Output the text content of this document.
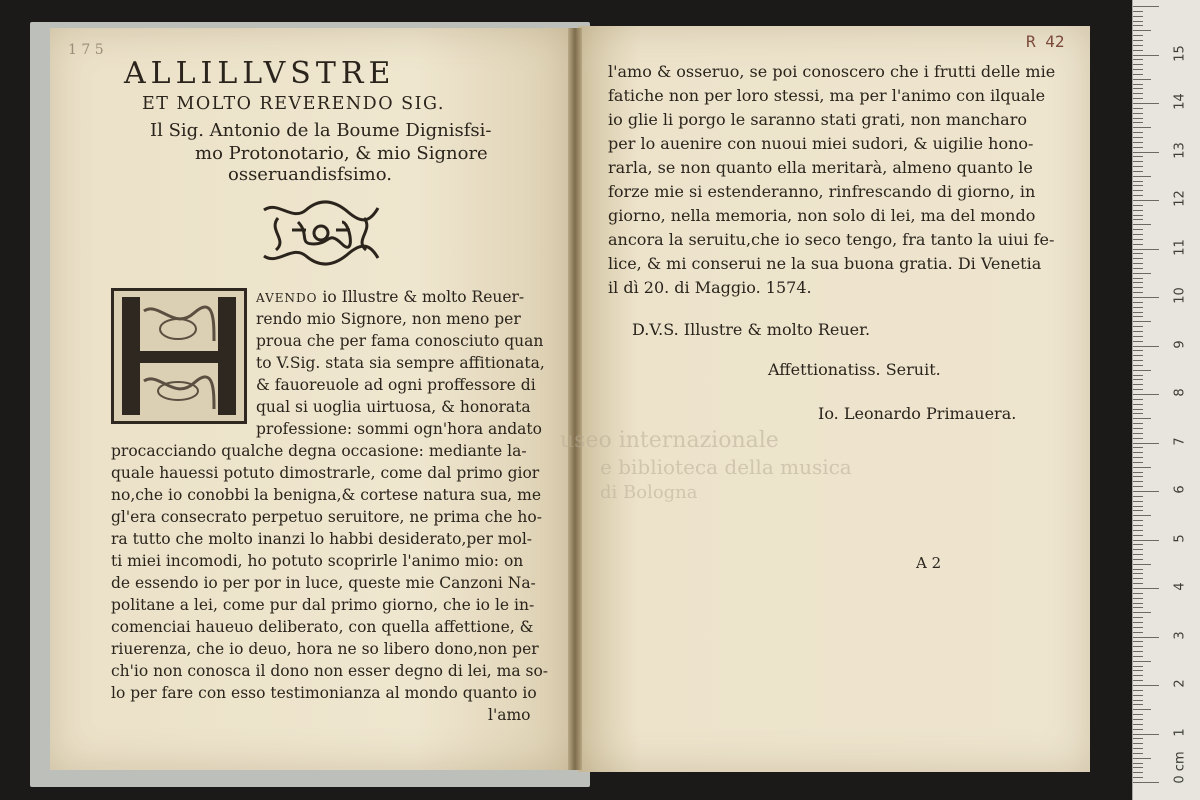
1 7 5
ALLILLVSTRE
ET MOLTO REVERENDO SIG.
Il Sig. Antonio de la Boume Dignisfsi-
mo Protonotario, & mio Signore
osseruandisfsimo.
AVENDO io Illustre & molto Reuer-
rendo mio Signore, non meno per
proua che per fama conosciuto quan
to V.Sig. stata sia sempre affitionata,
& fauoreuole ad ogni proffessore di
qual si uoglia uirtuosa, & honorata
professione: sommi ogn'hora andato
procacciando qualche degna occasione: mediante la-
quale hauessi potuto dimostrarle, come dal primo gior
no,che io conobbi la benigna,& cortese natura sua, me
gl'era consecrato perpetuo seruitore, ne prima che ho-
ra tutto che molto inanzi lo habbi desiderato,per mol-
ti miei incomodi, ho potuto scoprirle l'animo mio: on
de essendo io per por in luce, queste mie Canzoni Na-
politane a lei, come pur dal primo giorno, che io le in-
comenciai haueuo deliberato, con quella affettione, &
riuerenza, che io deuo, hora ne so libero dono,non per
ch'io non conosca il dono non esser degno di lei, ma so-
lo per fare con esso testimonianza al mondo quanto io
l'amo
R 42
useo internazionale
e biblioteca della musica
di Bologna
l'amo & osseruo, se poi conoscero che i frutti delle mie
fatiche non per loro stessi, ma per l'animo con ilquale
io glie li porgo le saranno stati grati, non mancharo
per lo auenire con nuoui miei sudori, & uigilie hono-
rarla, se non quanto ella meritarà, almeno quanto le
forze mie si estenderanno, rinfrescando di giorno, in
giorno, nella memoria, non solo di lei, ma del mondo
ancora la seruitu,che io seco tengo, fra tanto la uiui fe-
lice, & mi conserui ne la sua buona gratia. Di Venetia
il dì 20. di Maggio. 1574.
D.V.S. Illustre & molto Reuer.
Affettionatiss. Seruit.
Io. Leonardo Primauera.
A 2
0 cm
1
2
3
4
5
6
7
8
9
10
11
12
13
14
15
